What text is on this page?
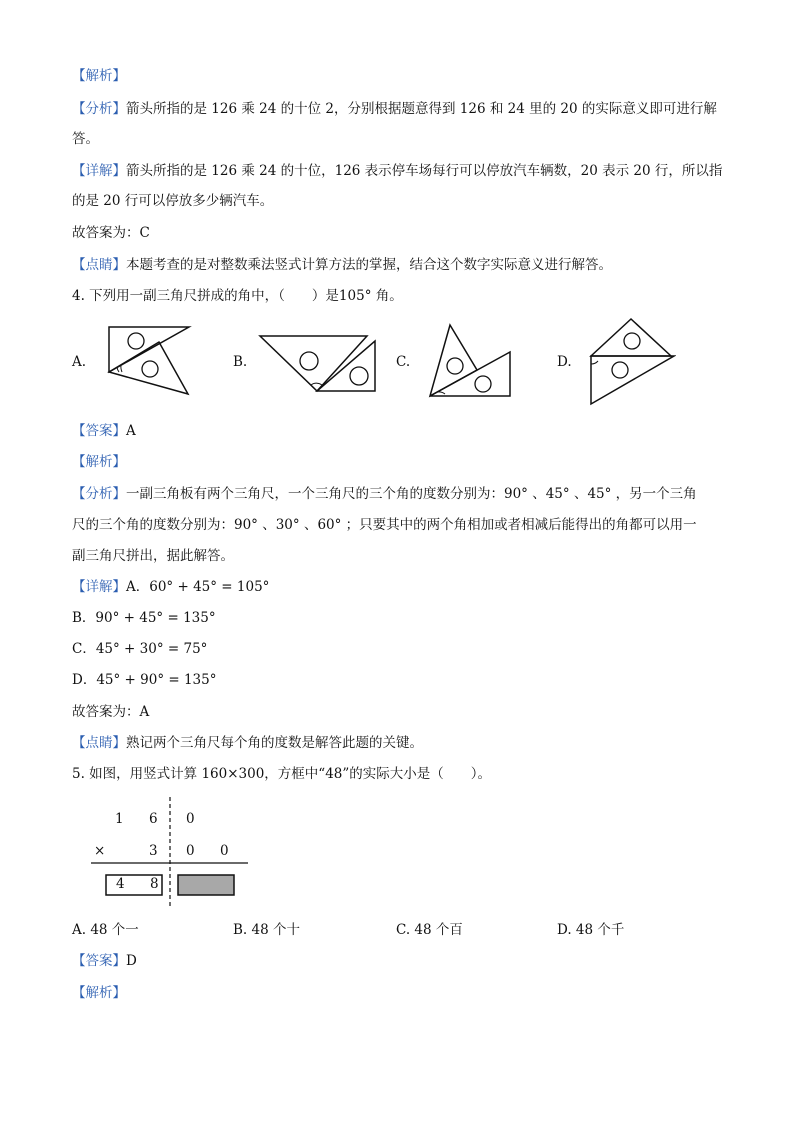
【解析】
【分析】箭头所指的是 126 乘 24 的十位 2，分别根据题意得到 126 和 24 里的 20 的实际意义即可进行解
答。
【详解】箭头所指的是 126 乘 24 的十位，126 表示停车场每行可以停放汽车辆数，20 表示 20 行，所以指
的是 20 行可以停放多少辆汽车。
故答案为：C
【点睛】本题考查的是对整数乘法竖式计算方法的掌握，结合这个数字实际意义进行解答。
4. 下列用一副三角尺拼成的角中，（　　）是105° 角。
A.	B.	C.	D.
【答案】A
【解析】
【分析】一副三角板有两个三角尺，一个三角尺的三个角的度数分别为：90° 、45° 、45° ，另一个三角
尺的三个角的度数分别为：90° 、30° 、60° ；只要其中的两个角相加或者相减后能得出的角都可以用一
副三角尺拼出，据此解答。
【详解】A．60° + 45° = 105°
B．90° + 45° = 135°
C．45° + 30° = 75°
D．45° + 90° = 135°
故答案为：A
【点睛】熟记两个三角尺每个角的度数是解答此题的关键。
5. 如图，用竖式计算 160×300，方框中“48”的实际大小是（　　）。
1 6 0
×	3 0 0
4 8
A. 48 个一	B. 48 个十	C. 48 个百	D. 48 个千
【答案】D
【解析】
